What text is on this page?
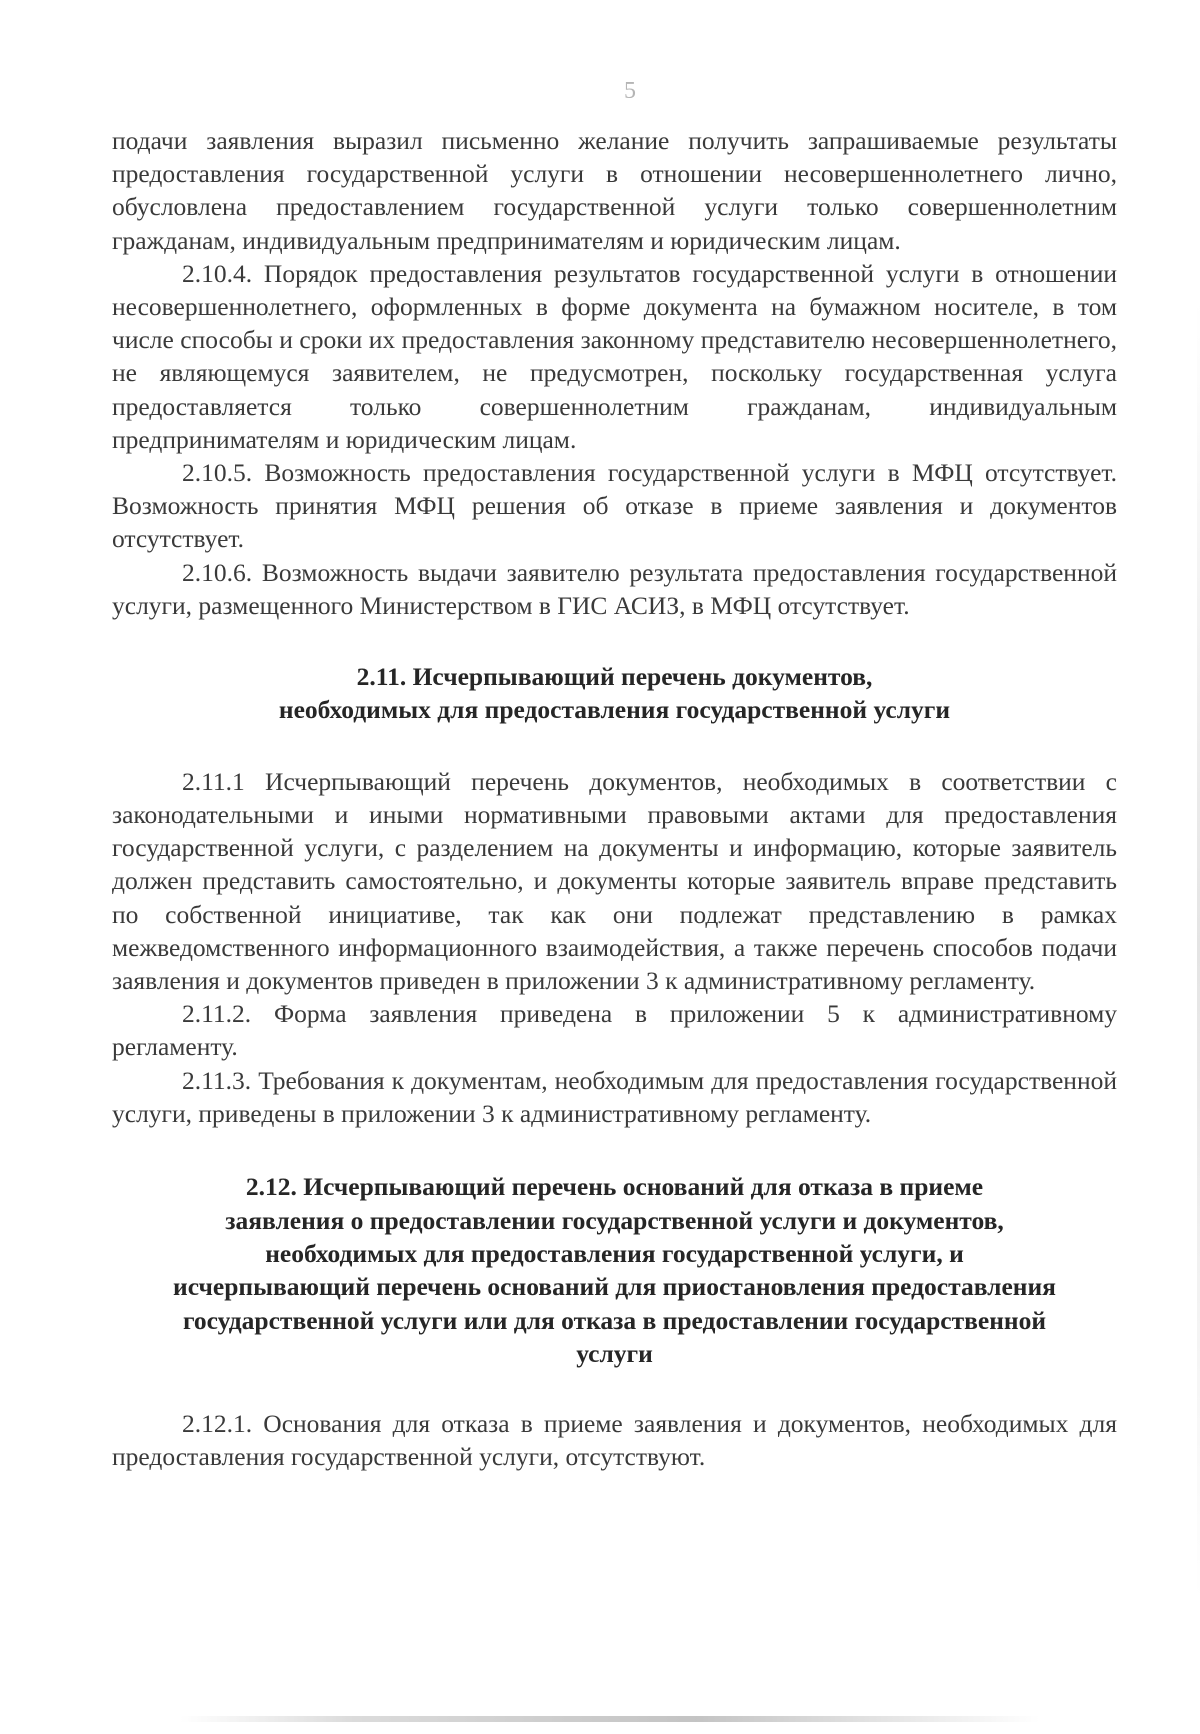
5

подачи заявления выразил письменно желание получить запрашиваемые результаты предоставления государственной услуги в отношении несовершеннолетнего лично, обусловлена предоставлением государственной услуги только совершеннолетним гражданам, индивидуальным предпринимателям и юридическим лицам.

2.10.4. Порядок предоставления результатов государственной услуги в отношении несовершеннолетнего, оформленных в форме документа на бумажном носителе, в том числе способы и сроки их предоставления законному представителю несовершеннолетнего, не являющемуся заявителем, не предусмотрен, поскольку государственная услуга предоставляется только совершеннолетним гражданам, индивидуальным предпринимателям и юридическим лицам.

2.10.5. Возможность предоставления государственной услуги в МФЦ отсутствует. Возможность принятия МФЦ решения об отказе в приеме заявления и документов отсутствует.

2.10.6. Возможность выдачи заявителю результата предоставления государственной услуги, размещенного Министерством в ГИС АСИЗ, в МФЦ отсутствует.

2.11. Исчерпывающий перечень документов,
необходимых для предоставления государственной услуги

2.11.1 Исчерпывающий перечень документов, необходимых в соответствии с законодательными и иными нормативными правовыми актами для предоставления государственной услуги, с разделением на документы и информацию, которые заявитель должен представить самостоятельно, и документы которые заявитель вправе представить по собственной инициативе, так как они подлежат представлению в рамках межведомственного информационного взаимодействия, а также перечень способов подачи заявления и документов приведен в приложении 3 к административному регламенту.

2.11.2. Форма заявления приведена в приложении 5 к административному регламенту.

2.11.3. Требования к документам, необходимым для предоставления государственной услуги, приведены в приложении 3 к административному регламенту.

2.12. Исчерпывающий перечень оснований для отказа в приеме
заявления о предоставлении государственной услуги и документов,
необходимых для предоставления государственной услуги, и
исчерпывающий перечень оснований для приостановления предоставления
государственной услуги или для отказа в предоставлении государственной
услуги

2.12.1. Основания для отказа в приеме заявления и документов, необходимых для предоставления государственной услуги, отсутствуют.
